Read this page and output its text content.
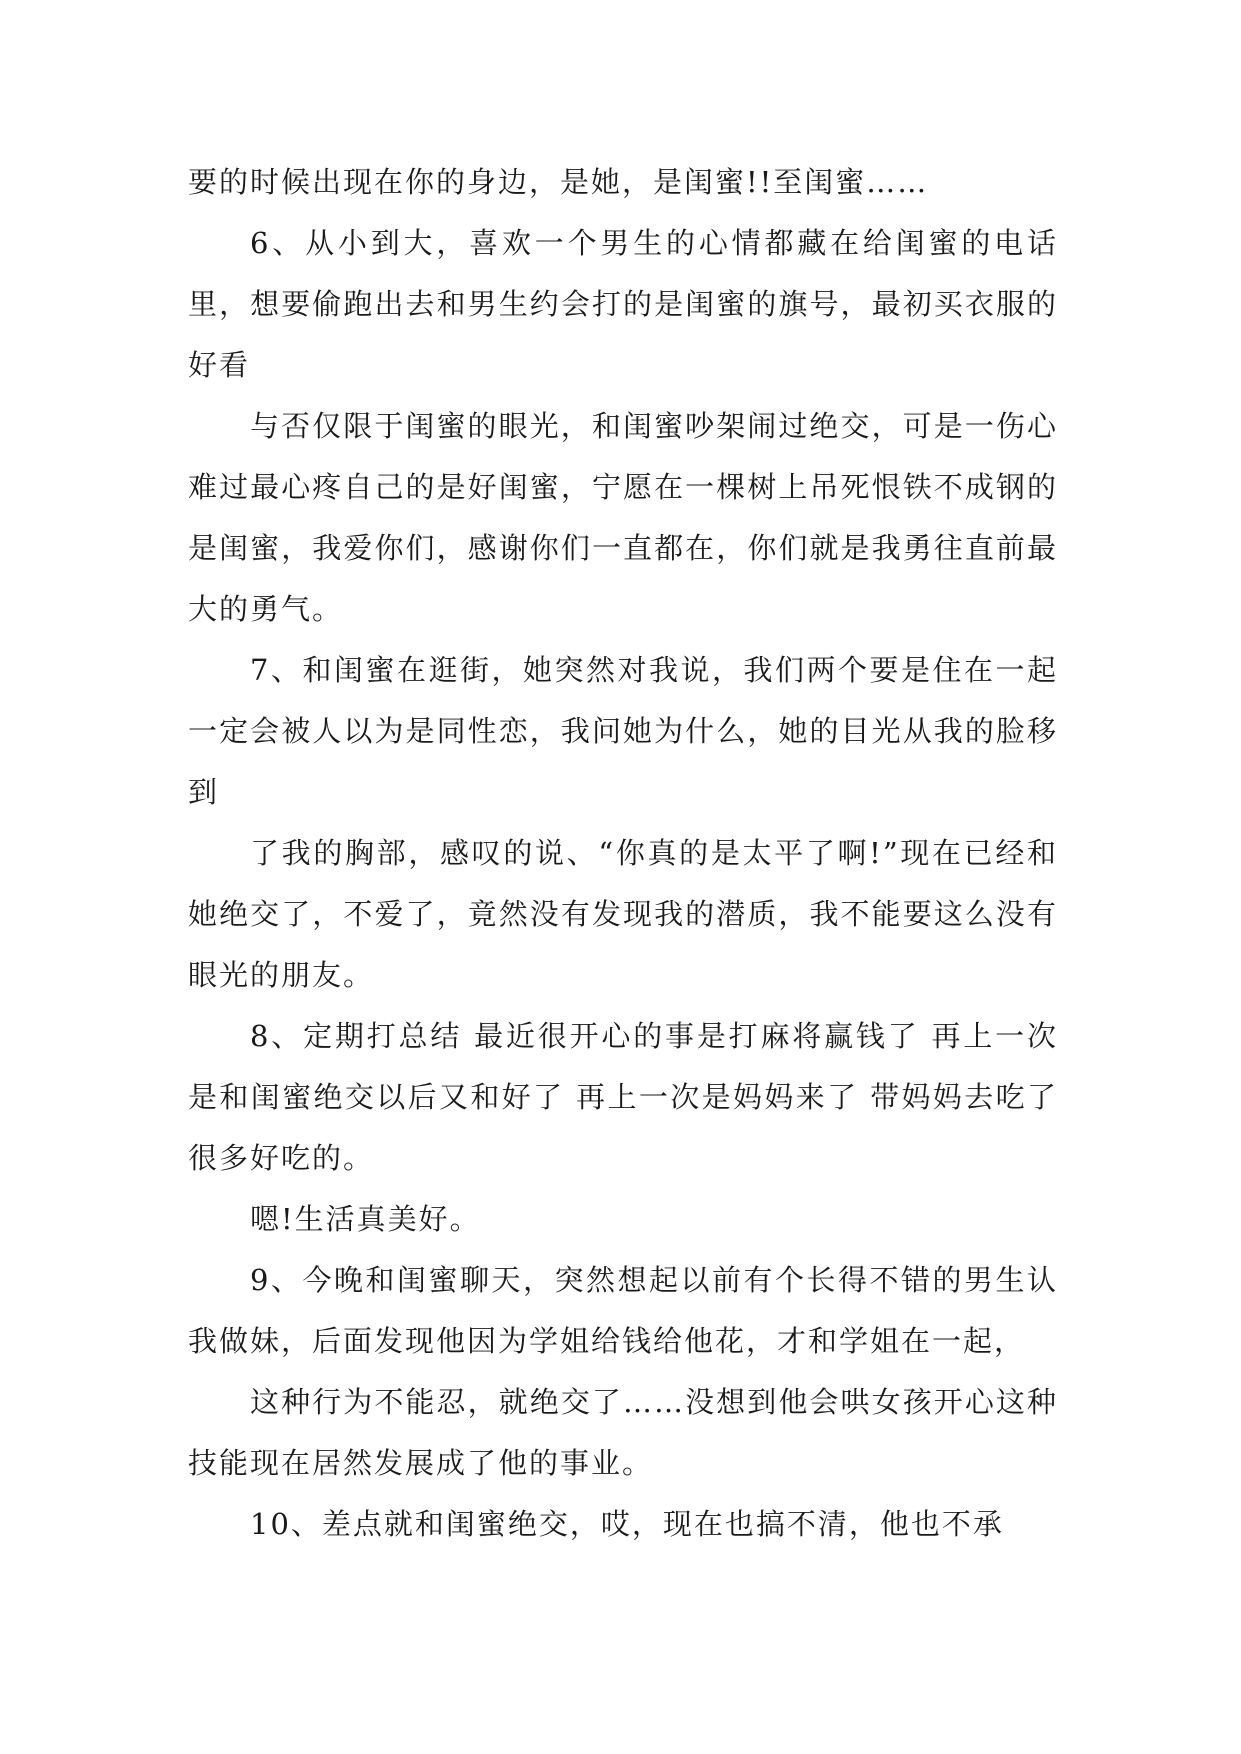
要的时候出现在你的身边，是她，是闺蜜!!至闺蜜……

6、从小到大，喜欢一个男生的心情都藏在给闺蜜的电话里，想要偷跑出去和男生约会打的是闺蜜的旗号，最初买衣服的好看

与否仅限于闺蜜的眼光，和闺蜜吵架闹过绝交，可是一伤心难过最心疼自己的是好闺蜜，宁愿在一棵树上吊死恨铁不成钢的是闺蜜，我爱你们，感谢你们一直都在，你们就是我勇往直前最大的勇气。

7、和闺蜜在逛街，她突然对我说，我们两个要是住在一起一定会被人以为是同性恋，我问她为什么，她的目光从我的脸移到

了我的胸部，感叹的说、“你真的是太平了啊!”现在已经和她绝交了，不爱了，竟然没有发现我的潜质，我不能要这么没有眼光的朋友。

8、定期打总结 最近很开心的事是打麻将赢钱了 再上一次是和闺蜜绝交以后又和好了 再上一次是妈妈来了 带妈妈去吃了很多好吃的。

嗯!生活真美好。

9、今晚和闺蜜聊天，突然想起以前有个长得不错的男生认我做妹，后面发现他因为学姐给钱给他花，才和学姐在一起，

这种行为不能忍，就绝交了……没想到他会哄女孩开心这种技能现在居然发展成了他的事业。

10、差点就和闺蜜绝交，哎，现在也搞不清，他也不承
